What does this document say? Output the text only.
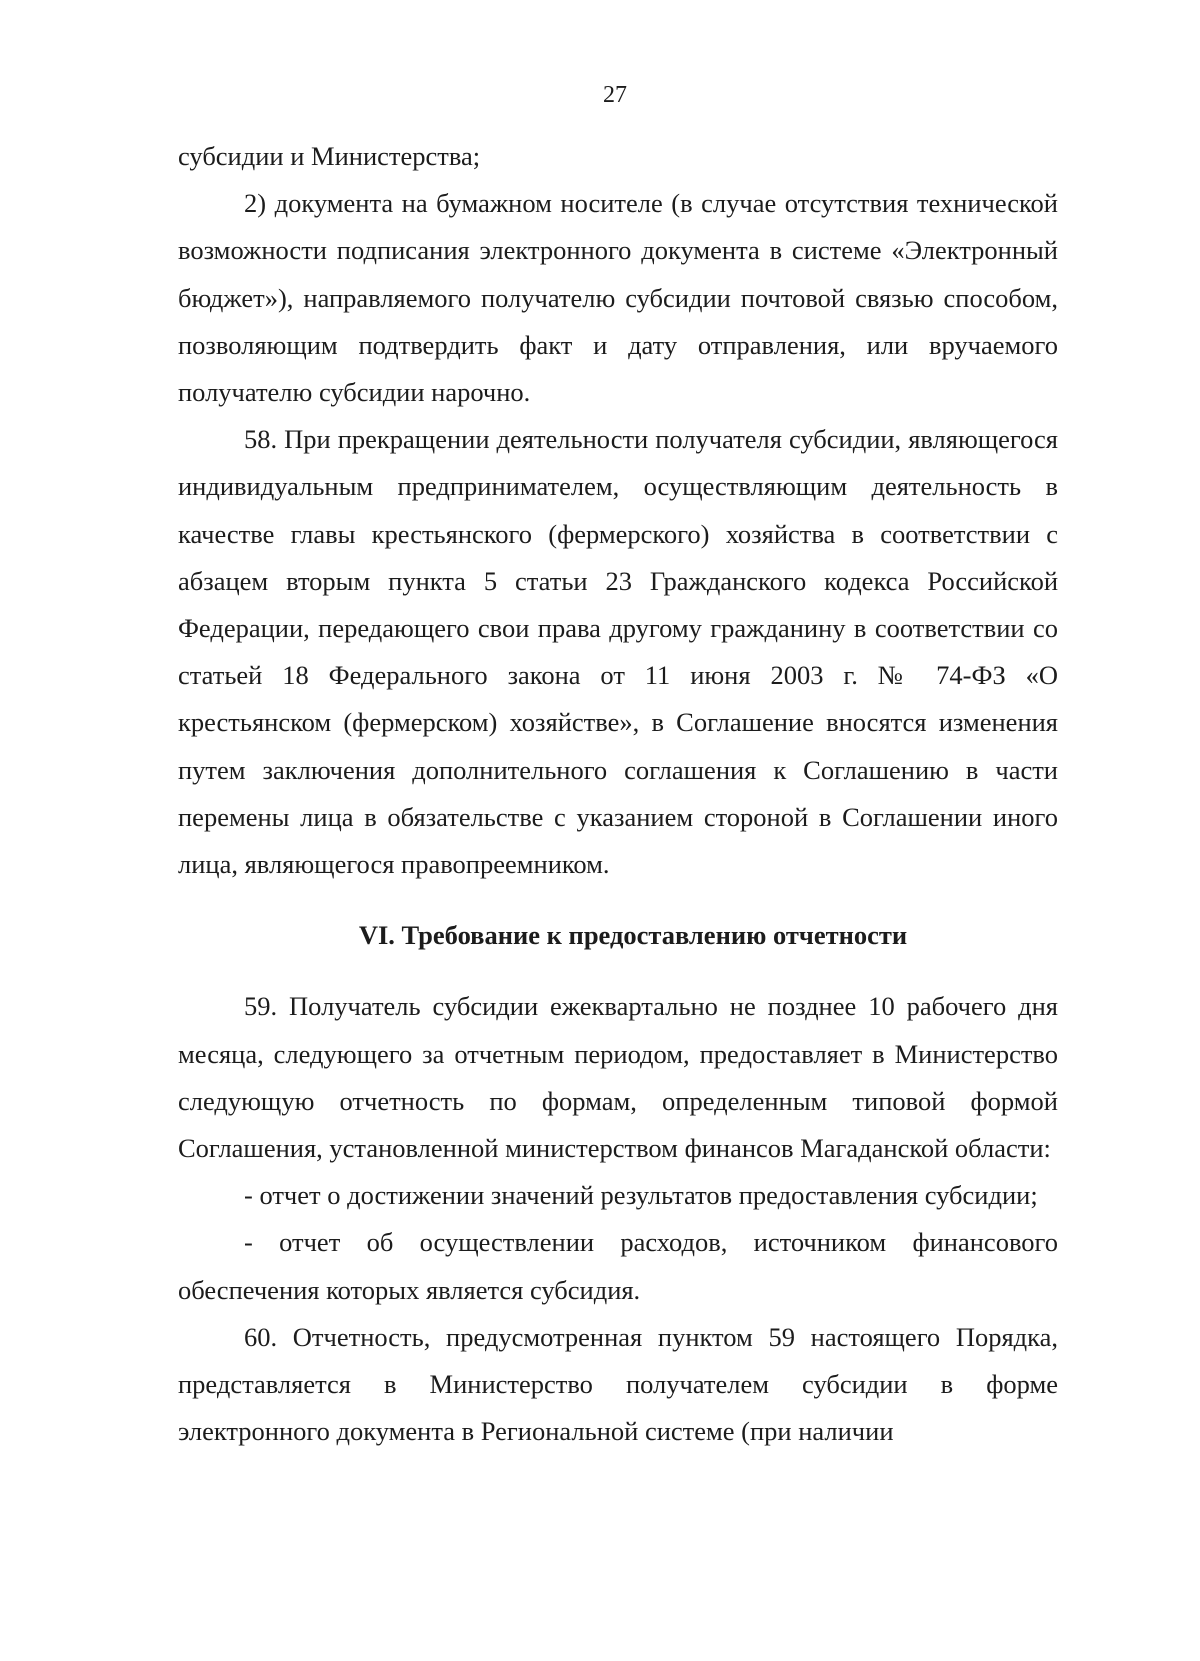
27

субсидии и Министерства;

2) документа на бумажном носителе (в случае отсутствия технической возможности подписания электронного документа в системе «Электронный бюджет»), направляемого получателю субсидии почтовой связью способом, позволяющим подтвердить факт и дату отправления, или вручаемого получателю субсидии нарочно.

58. При прекращении деятельности получателя субсидии, являющегося индивидуальным предпринимателем, осуществляющим деятельность в качестве главы крестьянского (фермерского) хозяйства в соответствии с абзацем вторым пункта 5 статьи 23 Гражданского кодекса Российской Федерации, передающего свои права другому гражданину в соответствии со статьей 18 Федерального закона от 11 июня 2003 г. № 74-ФЗ «О крестьянском (фермерском) хозяйстве», в Соглашение вносятся изменения путем заключения дополнительного соглашения к Соглашению в части перемены лица в обязательстве с указанием стороной в Соглашении иного лица, являющегося правопреемником.

VI. Требование к предоставлению отчетности

59. Получатель субсидии ежеквартально не позднее 10 рабочего дня месяца, следующего за отчетным периодом, предоставляет в Министерство следующую отчетность по формам, определенным типовой формой Соглашения, установленной министерством финансов Магаданской области:

- отчет о достижении значений результатов предоставления субсидии;

- отчет об осуществлении расходов, источником финансового обеспечения которых является субсидия.

60. Отчетность, предусмотренная пунктом 59 настоящего Порядка, представляется в Министерство получателем субсидии в форме электронного документа в Региональной системе (при наличии
